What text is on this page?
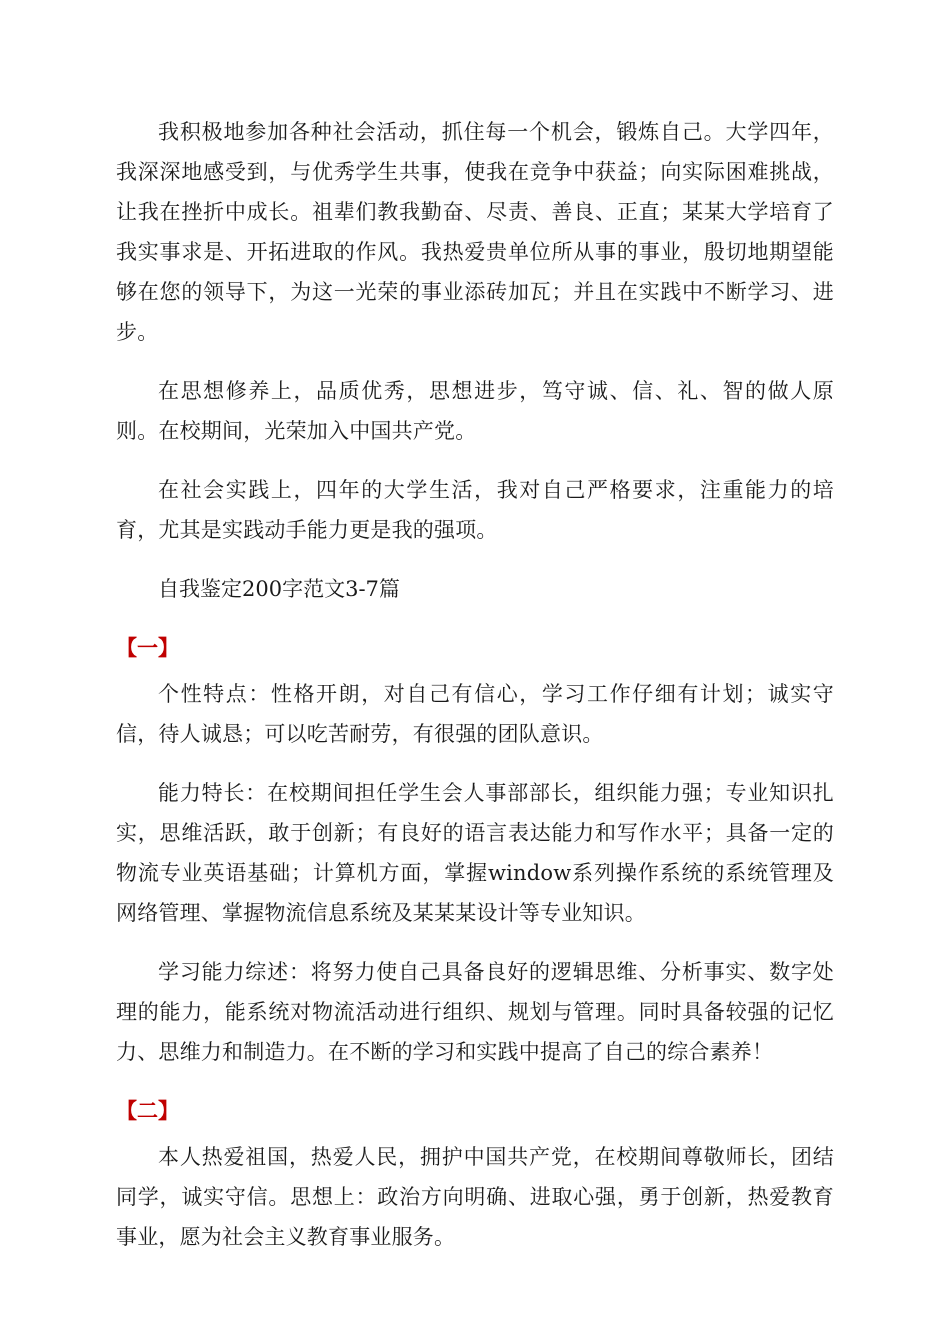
我积极地参加各种社会活动，抓住每一个机会，锻炼自己。大学四年，我深深地感受到，与优秀学生共事，使我在竞争中获益；向实际困难挑战，让我在挫折中成长。祖辈们教我勤奋、尽责、善良、正直；某某大学培育了我实事求是、开拓进取的作风。我热爱贵单位所从事的事业，殷切地期望能够在您的领导下，为这一光荣的事业添砖加瓦；并且在实践中不断学习、进步。

在思想修养上，品质优秀，思想进步，笃守诚、信、礼、智的做人原则。在校期间，光荣加入中国共产党。

在社会实践上，四年的大学生活，我对自己严格要求，注重能力的培育，尤其是实践动手能力更是我的强项。

自我鉴定200字范文3-7篇

【一】

个性特点：性格开朗，对自己有信心，学习工作仔细有计划；诚实守信，待人诚恳；可以吃苦耐劳，有很强的团队意识。

能力特长：在校期间担任学生会人事部部长，组织能力强；专业知识扎实，思维活跃，敢于创新；有良好的语言表达能力和写作水平；具备一定的物流专业英语基础；计算机方面，掌握window系列操作系统的系统管理及网络管理、掌握物流信息系统及某某某设计等专业知识。

学习能力综述：将努力使自己具备良好的逻辑思维、分析事实、数字处理的能力，能系统对物流活动进行组织、规划与管理。同时具备较强的记忆力、思维力和制造力。在不断的学习和实践中提高了自己的综合素养！

【二】

本人热爱祖国，热爱人民，拥护中国共产党，在校期间尊敬师长，团结同学，诚实守信。思想上：政治方向明确、进取心强，勇于创新，热爱教育事业，愿为社会主义教育事业服务。
